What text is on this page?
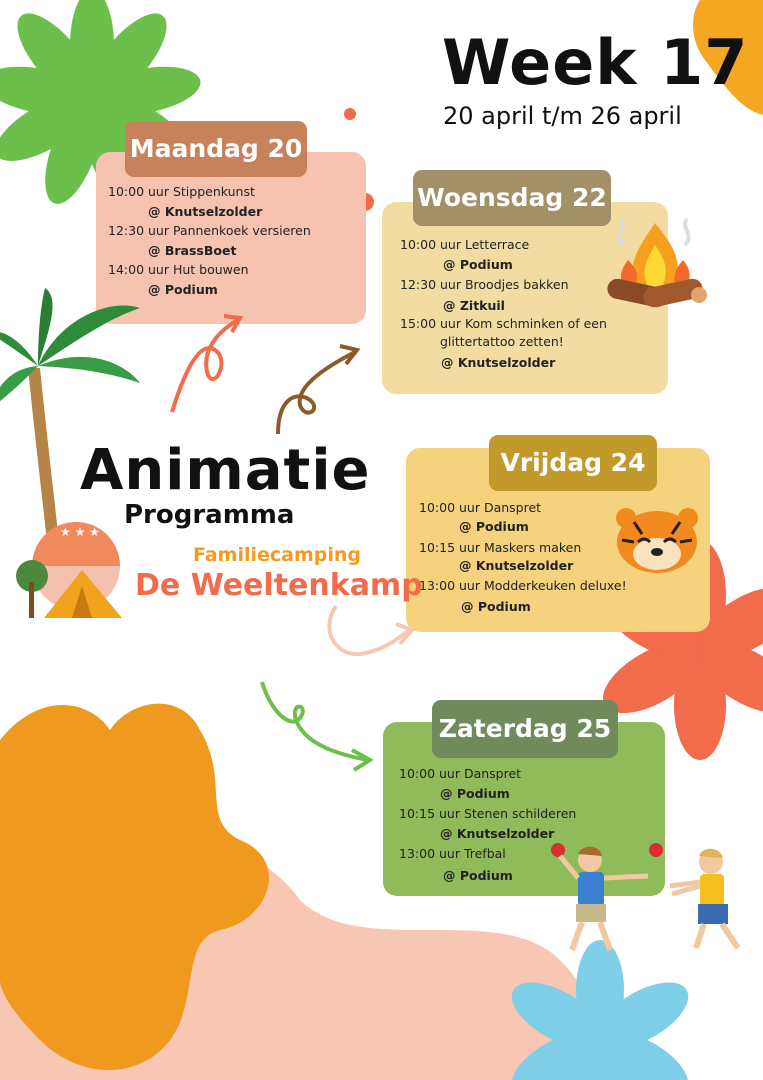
Week 17
20 april t/m 26 april
Maandag 20
10:00 uur Stippenkunst
@ Knutselzolder
12:30 uur Pannenkoek versieren
@ BrassBoet
14:00 uur Hut bouwen
@ Podium
Woensdag 22
10:00 uur Letterrace
@ Podium
12:30 uur Broodjes bakken
@ Zitkuil
15:00 uur Kom schminken of een
glittertattoo zetten!
@ Knutselzolder
Vrijdag 24
10:00 uur Danspret
@ Podium
10:15 uur Maskers maken
@ Knutselzolder
13:00 uur Modderkeuken deluxe!
@ Podium
Zaterdag 25
10:00 uur Danspret
@ Podium
10:15 uur Stenen schilderen
@ Knutselzolder
13:00 uur Trefbal
@ Podium
Animatie
Programma
★ ★ ★
Familiecamping
De Weeltenkamp
